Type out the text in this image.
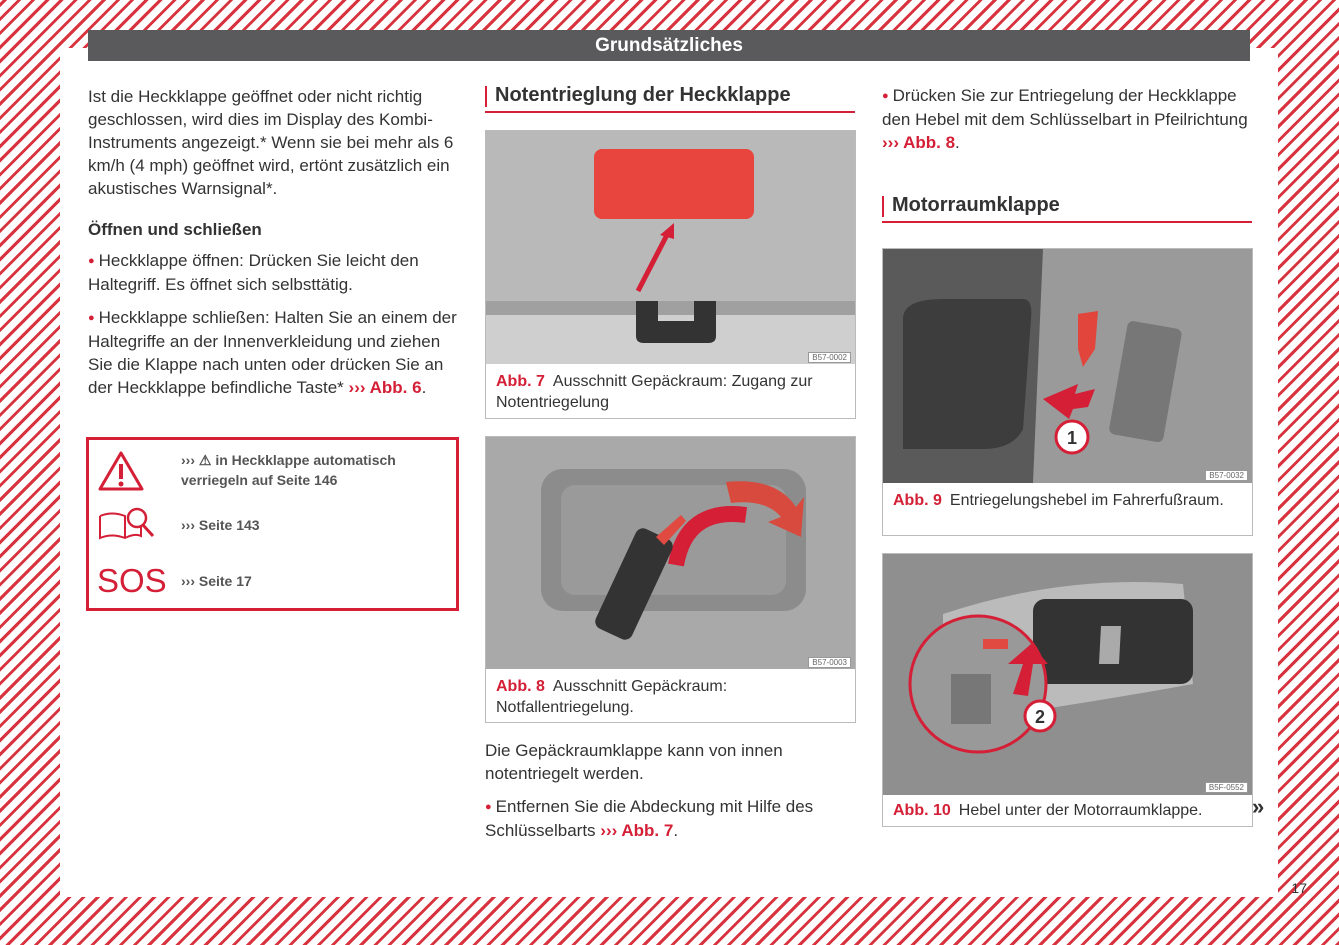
Grundsätzliches

Ist die Heckklappe geöffnet oder nicht richtig geschlossen, wird dies im Display des Kombi-Instruments angezeigt.* Wenn sie bei mehr als 6 km/h (4 mph) geöffnet wird, ertönt zusätzlich ein akustisches Warnsignal*.

Öffnen und schließen

● Heckklappe öffnen: Drücken Sie leicht den Haltegriff. Es öffnet sich selbsttätig.

● Heckklappe schließen: Halten Sie an einem der Haltegriffe an der Innenverkleidung und ziehen Sie die Klappe nach unten oder drücken Sie an der Heckklappe befindliche Taste* ››› Abb. 6.

››› ⚠ in Heckklappe automatisch verriegeln auf Seite 146
››› Seite 143
SOS ››› Seite 17
Notentrieglung der Heckklappe
B57-0002
Abb. 7 Ausschnitt Gepäckraum: Zugang zur Notentriegelung
B57-0003
Abb. 8 Ausschnitt Gepäckraum: Notfallentriegelung.

Die Gepäckraumklappe kann von innen notentriegelt werden.

● Entfernen Sie die Abdeckung mit Hilfe des Schlüsselbarts ››› Abb. 7.

● Drücken Sie zur Entriegelung der Heckklappe den Hebel mit dem Schlüsselbart in Pfeilrichtung ››› Abb. 8.

Motorraumklappe
1
B57-0032
Abb. 9 Entriegelungshebel im Fahrerfußraum.
2
B5F-0552
Abb. 10 Hebel unter der Motorraumklappe.	»
17
